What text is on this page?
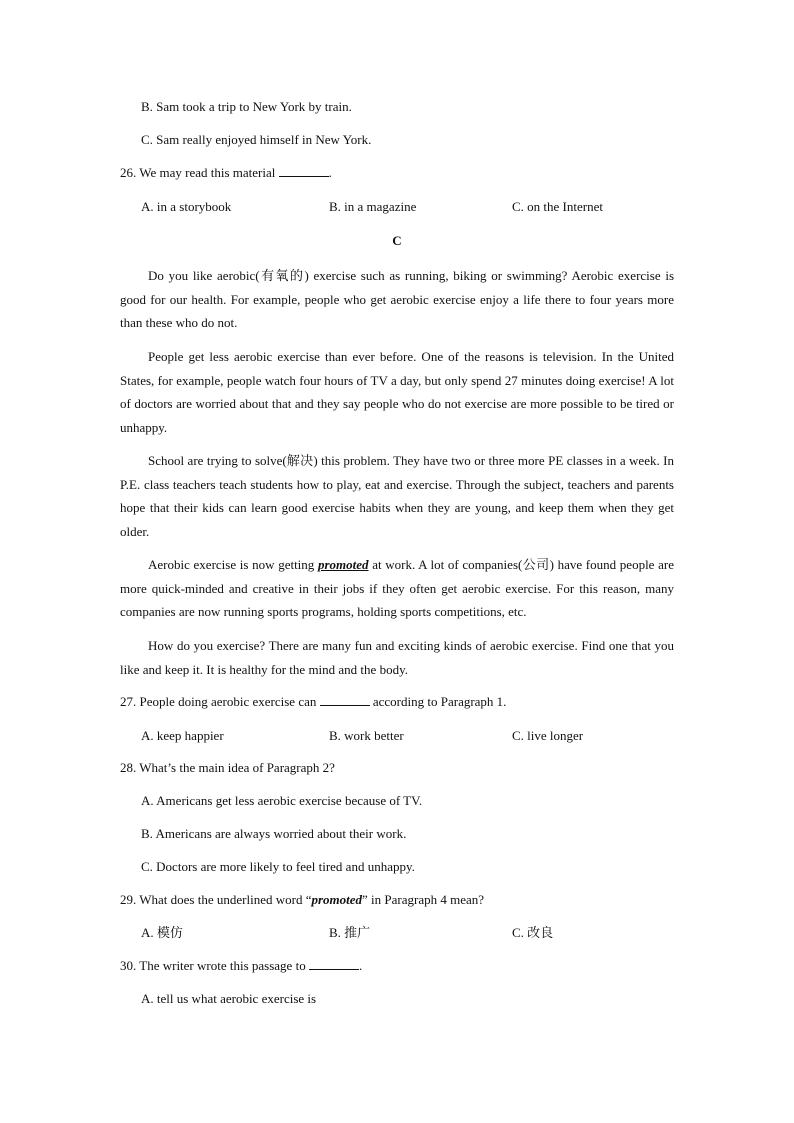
B. Sam took a trip to New York by train.
C. Sam really enjoyed himself in New York.
26. We may read this material	.
A. in a storybook	B. in a magazine	C. on the Internet
C
Do you like aerobic(有氧的) exercise such as running, biking or swimming? Aerobic exercise is good for our health. For example, people who get aerobic exercise enjoy a life there to four years more than these who do not.
People get less aerobic exercise than ever before. One of the reasons is television. In the United States, for example, people watch four hours of TV a day, but only spend 27 minutes doing exercise! A lot of doctors are worried about that and they say people who do not exercise are more possible to be tired or unhappy.
School are trying to solve(解决) this problem. They have two or three more PE classes in a week. In P.E. class teachers teach students how to play, eat and exercise. Through the subject, teachers and parents hope that their kids can learn good exercise habits when they are young, and keep them when they get older.
Aerobic exercise is now getting promoted at work. A lot of companies(公司) have found people are more quick-minded and creative in their jobs if they often get aerobic exercise. For this reason, many companies are now running sports programs, holding sports competitions, etc.
How do you exercise? There are many fun and exciting kinds of aerobic exercise. Find one that you like and keep it. It is healthy for the mind and the body.
27. People doing aerobic exercise can	according to Paragraph 1.
A. keep happier	B. work better	C. live longer
28. What’s the main idea of Paragraph 2?
A. Americans get less aerobic exercise because of TV.
B. Americans are always worried about their work.
C. Doctors are more likely to feel tired and unhappy.
29. What does the underlined word “promoted” in Paragraph 4 mean?
A. 模仿	B. 推广	C. 改良
30. The writer wrote this passage to	.
A. tell us what aerobic exercise is
